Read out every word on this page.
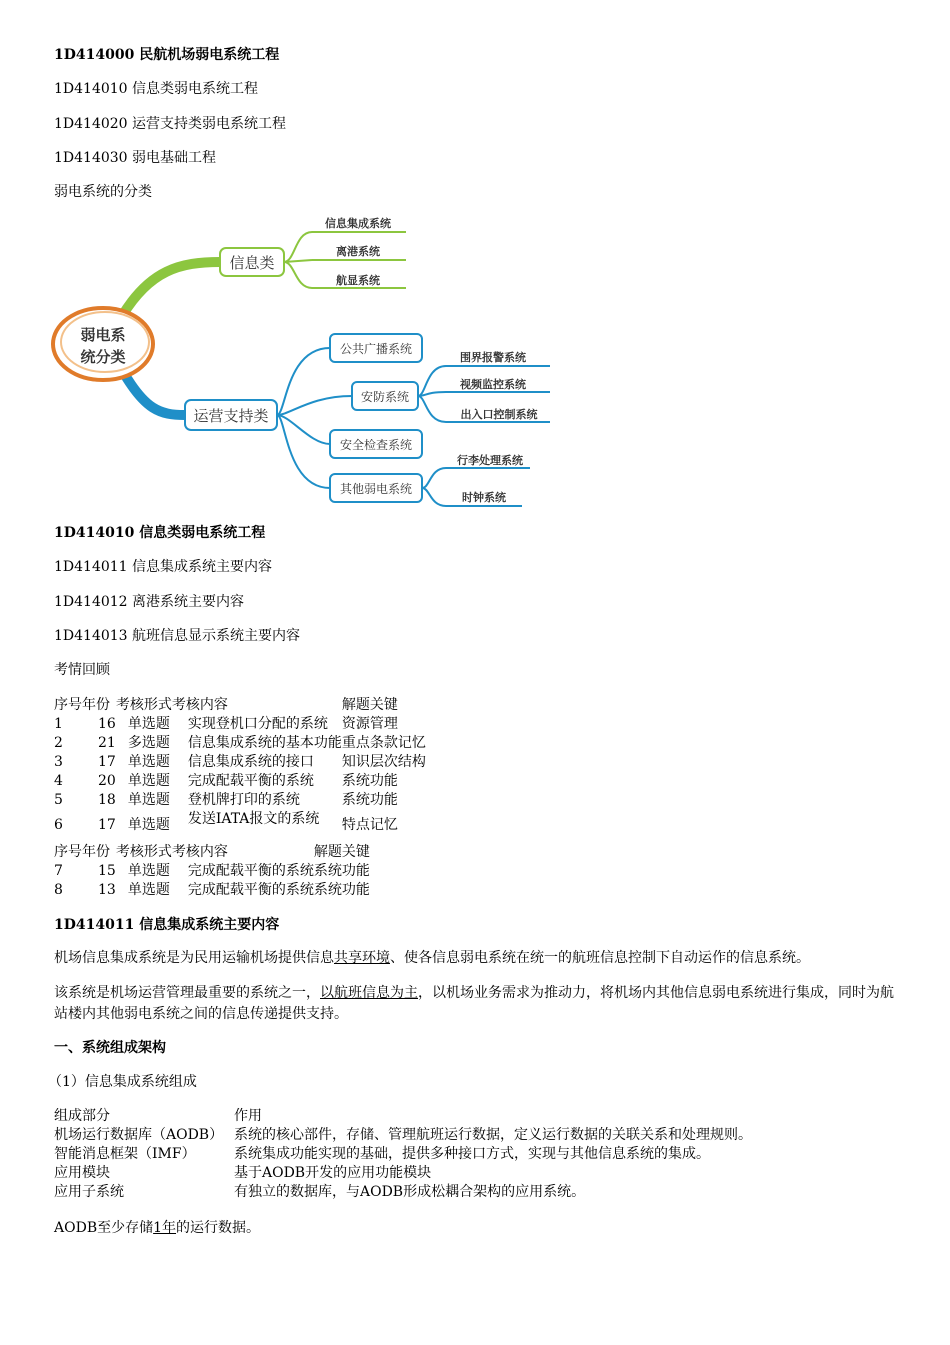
1D414000 民航机场弱电系统工程
1D414010 信息类弱电系统工程
1D414020 运营支持类弱电系统工程
1D414030 弱电基础工程
弱电系统的分类
信息类
信息集成系统
离港系统
航显系统
运营支持类
公共广播系统
安防系统
安全检查系统
其他弱电系统
围界报警系统
视频监控系统
出入口控制系统
行李处理系统
时钟系统
弱电系
统分类
1D414010 信息类弱电系统工程
1D414011 信息集成系统主要内容
1D414012 离港系统主要内容
1D414013 航班信息显示系统主要内容
考情回顾
序号	年份	考核形式	考核内容	解题关键
1	16	单选题	实现登机口分配的系统	资源管理
2	21	多选题	信息集成系统的基本功能	重点条款记忆
3	17	单选题	信息集成系统的接口	知识层次结构
4	20	单选题	完成配载平衡的系统	系统功能
5	18	单选题	登机牌打印的系统	系统功能
6	17	单选题	发送IATA报文的系统	特点记忆
序号	年份	考核形式	考核内容	解题关键
7	15	单选题	完成配载平衡的系统	系统功能
8	13	单选题	完成配载平衡的系统	系统功能
1D414011 信息集成系统主要内容
机场信息集成系统是为民用运输机场提供信息共享环境、使各信息弱电系统在统一的航班信息控制下自动运作的信息系统。
该系统是机场运营管理最重要的系统之一，以航班信息为主，以机场业务需求为推动力，将机场内其他信息弱电系统进行集成，同时为航站楼内其他弱电系统之间的信息传递提供支持。
一、系统组成架构
（1）信息集成系统组成
组成部分	作用
机场运行数据库（AODB）	系统的核心部件，存储、管理航班运行数据，定义运行数据的关联关系和处理规则。
智能消息框架（IMF）	系统集成功能实现的基础，提供多种接口方式，实现与其他信息系统的集成。
应用模块	基于AODB开发的应用功能模块
应用子系统	有独立的数据库，与AODB形成松耦合架构的应用系统。
AODB至少存储1年的运行数据。
